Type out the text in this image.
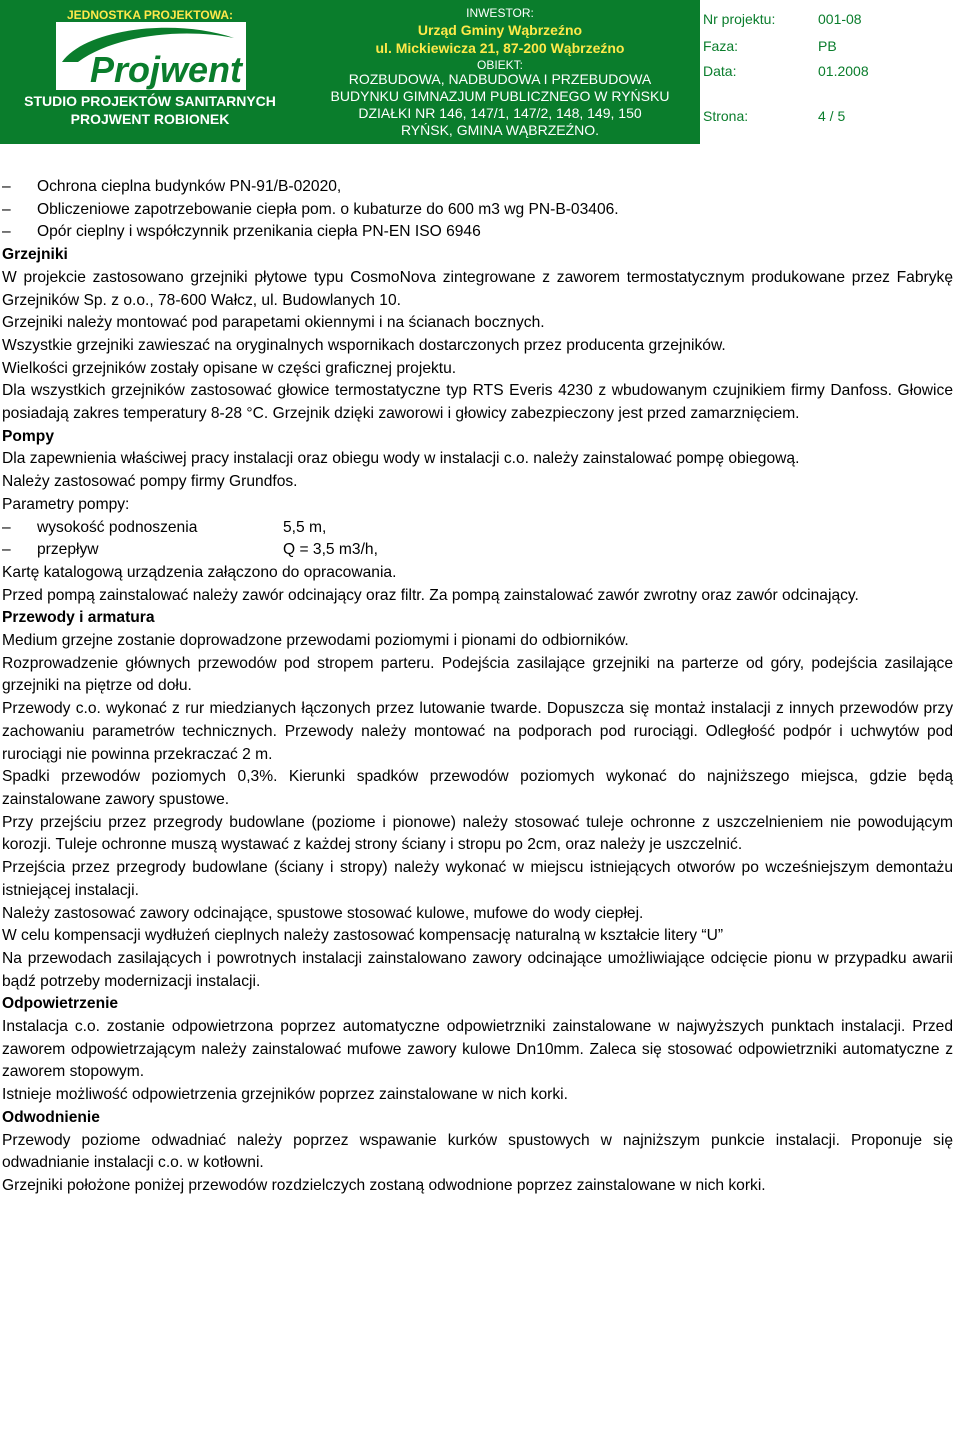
JEDNOSTKA PROJEKTOWA:
Projwent
STUDIO PROJEKTÓW SANITARNYCH
PROJWENT ROBIONEK
INWESTOR:
Urząd Gminy Wąbrzeźno
ul. Mickiewicza 21, 87-200 Wąbrzeźno
OBIEKT:
ROZBUDOWA, NADBUDOWA I PRZEBUDOWA
BUDYNKU GIMNAZJUM PUBLICZNEGO W RYŃSKU
DZIAŁKI NR 146, 147/1, 147/2, 148, 149, 150
RYŃSK, GMINA WĄBRZEŹNO.
Nr projektu:	001-08
Faza:	PB
Data:	01.2008
Strona:	4 / 5

– Ochrona cieplna budynków PN-91/B-02020,

– Obliczeniowe zapotrzebowanie ciepła pom. o kubaturze do 600 m3 wg PN-B-03406.

– Opór cieplny i współczynnik przenikania ciepła PN-EN ISO 6946

Grzejniki

W projekcie zastosowano grzejniki płytowe typu CosmoNova zintegrowane z zaworem termostatycznym produkowane przez Fabrykę Grzejników Sp. z o.o., 78-600 Wałcz, ul. Budowlanych 10.

Grzejniki należy montować pod parapetami okiennymi i na ścianach bocznych.

Wszystkie grzejniki zawieszać na oryginalnych wspornikach dostarczonych przez producenta grzejników.

Wielkości grzejników zostały opisane w części graficznej projektu.

Dla wszystkich grzejników zastosować głowice termostatyczne typ RTS Everis 4230 z wbudowanym czujnikiem firmy Danfoss. Głowice posiadają zakres temperatury 8-28 °C. Grzejnik dzięki zaworowi i głowicy zabezpieczony jest przed zamarznięciem.

Pompy

Dla zapewnienia właściwej pracy instalacji oraz obiegu wody w instalacji c.o. należy zainstalować pompę obiegową.

Należy zastosować pompy firmy Grundfos.

Parametry pompy:

– wysokość podnoszenia	5,5 m,

– przepływ	Q = 3,5 m3/h,

Kartę katalogową urządzenia załączono do opracowania.

Przed pompą zainstalować należy zawór odcinający oraz filtr. Za pompą zainstalować zawór zwrotny oraz zawór odcinający.

Przewody i armatura

Medium grzejne zostanie doprowadzone przewodami poziomymi i pionami do odbiorników.

Rozprowadzenie głównych przewodów pod stropem parteru. Podejścia zasilające grzejniki na parterze od góry, podejścia zasilające grzejniki na piętrze od dołu.

Przewody c.o. wykonać z rur miedzianych łączonych przez lutowanie twarde. Dopuszcza się montaż instalacji z innych przewodów przy zachowaniu parametrów technicznych. Przewody należy montować na podporach pod rurociągi. Odległość podpór i uchwytów pod rurociągi nie powinna przekraczać 2 m.

Spadki przewodów poziomych 0,3%. Kierunki spadków przewodów poziomych wykonać do najniższego miejsca, gdzie będą zainstalowane zawory spustowe.

Przy przejściu przez przegrody budowlane (poziome i pionowe) należy stosować tuleje ochronne z uszczelnieniem nie powodującym korozji. Tuleje ochronne muszą wystawać z każdej strony ściany i stropu po 2cm, oraz należy je uszczelnić.

Przejścia przez przegrody budowlane (ściany i stropy) należy wykonać w miejscu istniejących otworów po wcześniejszym demontażu istniejącej instalacji.

Należy zastosować zawory odcinające, spustowe stosować kulowe, mufowe do wody ciepłej.

W celu kompensacji wydłużeń cieplnych należy zastosować kompensację naturalną w kształcie litery “U”

Na przewodach zasilających i powrotnych instalacji zainstalowano zawory odcinające umożliwiające odcięcie pionu w przypadku awarii bądź potrzeby modernizacji instalacji.

Odpowietrzenie

Instalacja c.o. zostanie odpowietrzona poprzez automatyczne odpowietrzniki zainstalowane w najwyższych punktach instalacji. Przed zaworem odpowietrzającym należy zainstalować mufowe zawory kulowe Dn10mm. Zaleca się stosować odpowietrzniki automatyczne z zaworem stopowym.

Istnieje możliwość odpowietrzenia grzejników poprzez zainstalowane w nich korki.

Odwodnienie

Przewody poziome odwadniać należy poprzez wspawanie kurków spustowych w najniższym punkcie instalacji. Proponuje się odwadnianie instalacji c.o. w kotłowni.

Grzejniki położone poniżej przewodów rozdzielczych zostaną odwodnione poprzez zainstalowane w nich korki.
